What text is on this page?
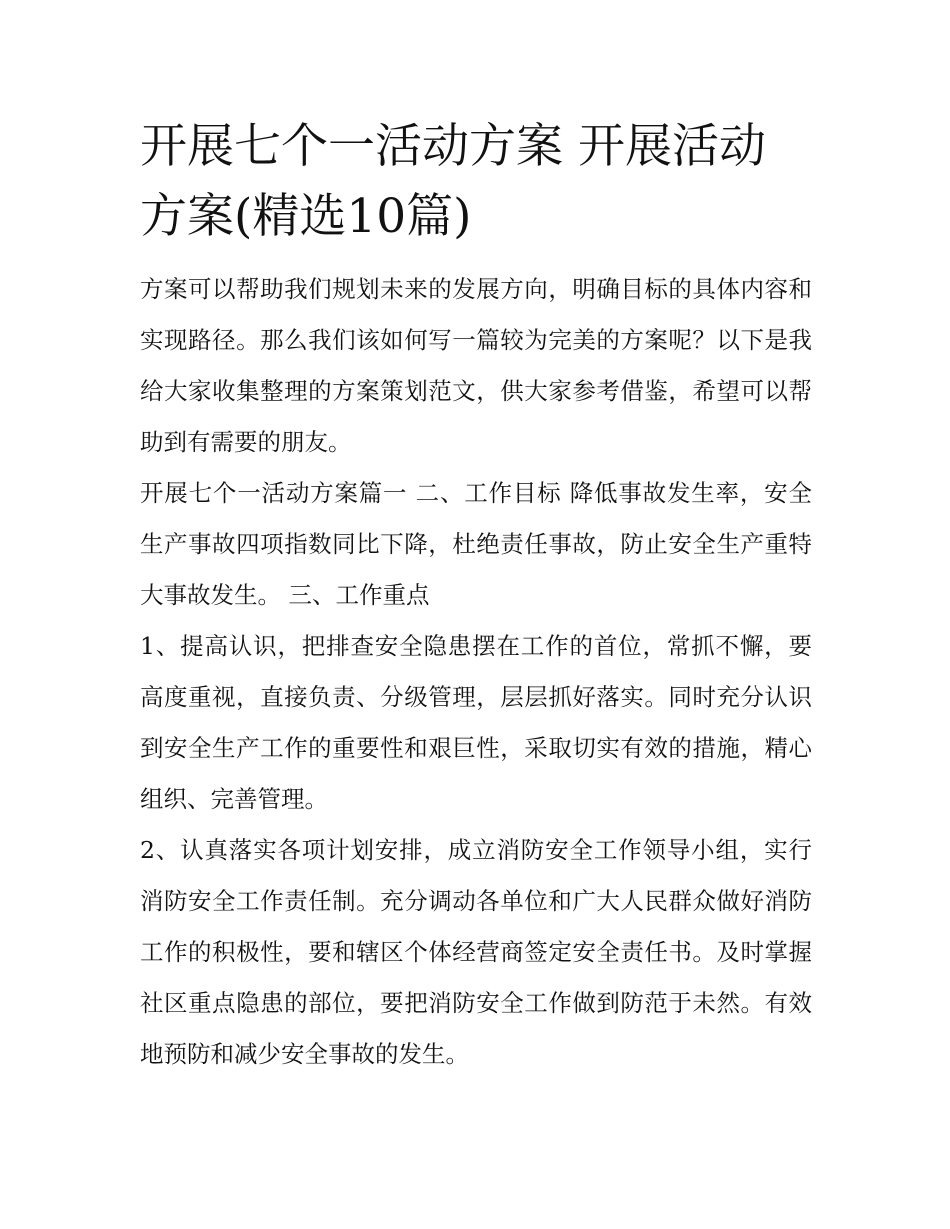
开展七个一活动方案 开展活动方案(精选10篇)

方案可以帮助我们规划未来的发展方向，明确目标的具体内容和实现路径。那么我们该如何写一篇较为完美的方案呢？以下是我给大家收集整理的方案策划范文，供大家参考借鉴，希望可以帮助到有需要的朋友。

开展七个一活动方案篇一 二、工作目标 降低事故发生率，安全生产事故四项指数同比下降，杜绝责任事故，防止安全生产重特大事故发生。 三、工作重点

1、提高认识，把排查安全隐患摆在工作的首位，常抓不懈，要高度重视，直接负责、分级管理，层层抓好落实。同时充分认识到安全生产工作的重要性和艰巨性，采取切实有效的措施，精心组织、完善管理。

2、认真落实各项计划安排，成立消防安全工作领导小组，实行消防安全工作责任制。充分调动各单位和广大人民群众做好消防工作的积极性，要和辖区个体经营商签定安全责任书。及时掌握社区重点隐患的部位，要把消防安全工作做到防范于未然。有效地预防和减少安全事故的发生。
